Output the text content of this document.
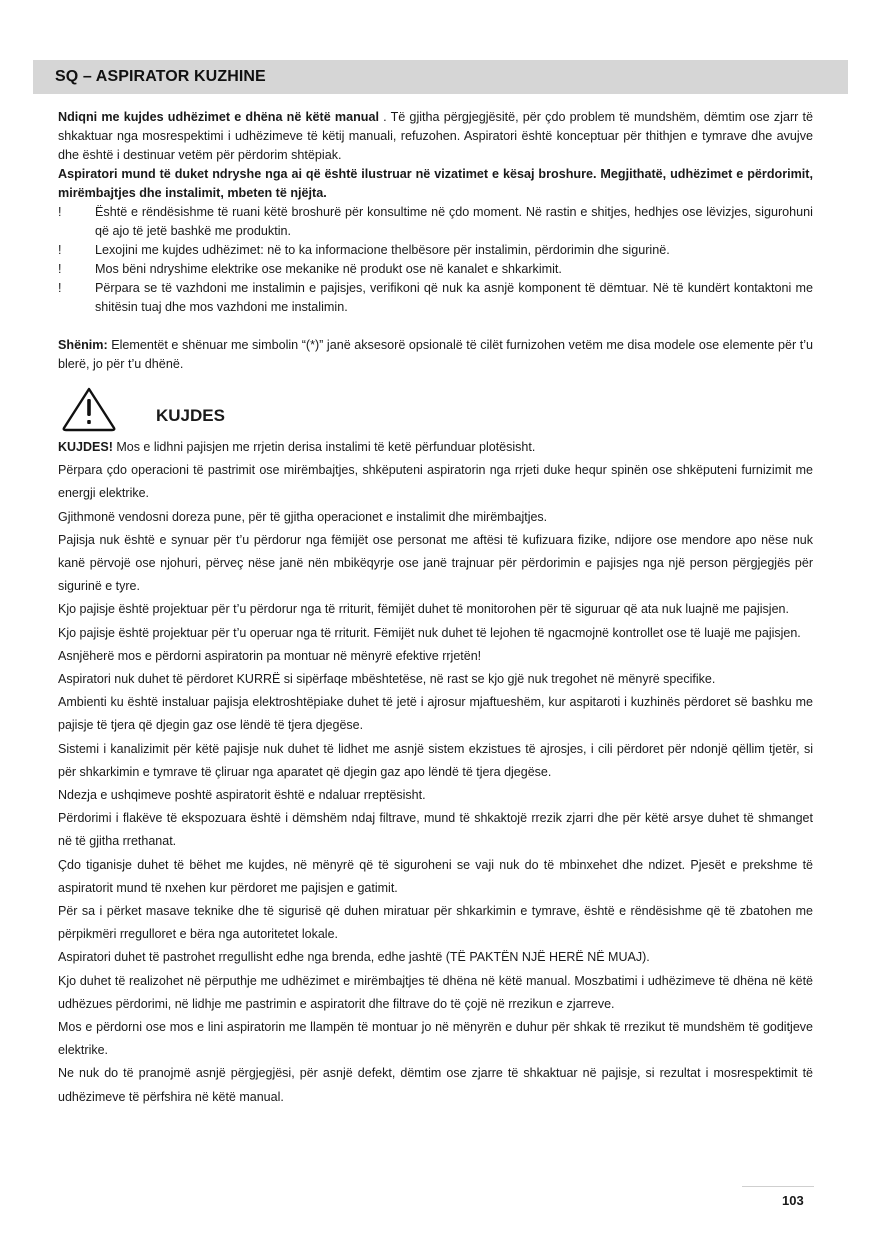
SQ – ASPIRATOR KUZHINE

Ndiqni me kujdes udhëzimet e dhëna në këtë manual . Të gjitha përgjegjësitë, për çdo problem të mundshëm, dëmtim ose zjarr të shkaktuar nga mosrespektimi i udhëzimeve të këtij manuali, refuzohen. Aspiratori është konceptuar për thithjen e tymrave dhe avujve dhe është i destinuar vetëm për përdorim shtëpiak.

Aspiratori mund të duket ndryshe nga ai që është ilustruar në vizatimet e kësaj broshure. Megjithatë, udhëzimet e përdorimit, mirëmbajtjes dhe instalimit, mbeten të njëjta.

!	Është e rëndësishme të ruani këtë broshurë për konsultime në çdo moment. Në rastin e shitjes, hedhjes ose lëvizjes, sigurohuni që ajo të jetë bashkë me produktin.
!	Lexojini me kujdes udhëzimet: në to ka informacione thelbësore për instalimin, përdorimin dhe sigurinë.
!	Mos bëni ndryshime elektrike ose mekanike në produkt ose në kanalet e shkarkimit.
!	Përpara se të vazhdoni me instalimin e pajisjes, verifikoni që nuk ka asnjë komponent të dëmtuar. Në të kundërt kontaktoni me shitësin tuaj dhe mos vazhdoni me instalimin.

Shënim: Elementët e shënuar me simbolin “(*)” janë aksesorë opsionalë të cilët furnizohen vetëm me disa modele ose elemente për t’u blerë, jo për t’u dhënë.

KUJDES

KUJDES! Mos e lidhni pajisjen me rrjetin derisa instalimi të ketë përfunduar plotësisht.

Përpara çdo operacioni të pastrimit ose mirëmbajtjes, shkëputeni aspiratorin nga rrjeti duke hequr spinën ose shkëputeni furnizimit me energji elektrike.

Gjithmonë vendosni doreza pune, për të gjitha operacionet e instalimit dhe mirëmbajtjes.

Pajisja nuk është e synuar për t’u përdorur nga fëmijët ose personat me aftësi të kufizuara fizike, ndijore ose mendore apo nëse nuk kanë përvojë ose njohuri, përveç nëse janë nën mbikëqyrje ose janë trajnuar për përdorimin e pajisjes nga një person përgjegjës për sigurinë e tyre.

Kjo pajisje është projektuar për t’u përdorur nga të rriturit, fëmijët duhet të monitorohen për të siguruar që ata nuk luajnë me pajisjen.

Kjo pajisje është projektuar për t’u operuar nga të rriturit. Fëmijët nuk duhet të lejohen të ngacmojnë kontrollet ose të luajë me pajisjen.

Asnjëherë mos e përdorni aspiratorin pa montuar në mënyrë efektive rrjetën!

Aspiratori nuk duhet të përdoret KURRË si sipërfaqe mbështetëse, në rast se kjo gjë nuk tregohet në mënyrë specifike.

Ambienti ku është instaluar pajisja elektroshtëpiake duhet të jetë i ajrosur mjaftueshëm, kur aspitaroti i kuzhinës përdoret së bashku me pajisje të tjera që djegin gaz ose lëndë të tjera djegëse.

Sistemi i kanalizimit për këtë pajisje nuk duhet të lidhet me asnjë sistem ekzistues të ajrosjes, i cili përdoret për ndonjë qëllim tjetër, si për shkarkimin e tymrave të çliruar nga aparatet që djegin gaz apo lëndë të tjera djegëse.

Ndezja e ushqimeve poshtë aspiratorit është e ndaluar rreptësisht.

Përdorimi i flakëve të ekspozuara është i dëmshëm ndaj filtrave, mund të shkaktojë rrezik zjarri dhe për këtë arsye duhet të shmanget në të gjitha rrethanat.

Çdo tiganisje duhet të bëhet me kujdes, në mënyrë që të siguroheni se vaji nuk do të mbinxehet dhe ndizet. Pjesët e prekshme të aspiratorit mund të nxehen kur përdoret me pajisjen e gatimit.

Për sa i përket masave teknike dhe të sigurisë që duhen miratuar për shkarkimin e tymrave, është e rëndësishme që të zbatohen me përpikmëri rregulloret e bëra nga autoritetet lokale.

Aspiratori duhet të pastrohet rregullisht edhe nga brenda, edhe jashtë (TË PAKTËN NJË HERË NË MUAJ).

Kjo duhet të realizohet në përputhje me udhëzimet e mirëmbajtjes të dhëna në këtë manual. Moszbatimi i udhëzimeve të dhëna në këtë udhëzues përdorimi, në lidhje me pastrimin e aspiratorit dhe filtrave do të çojë në rrezikun e zjarreve.

Mos e përdorni ose mos e lini aspiratorin me llampën të montuar jo në mënyrën e duhur për shkak të rrezikut të mundshëm të goditjeve elektrike.

Ne nuk do të pranojmë asnjë përgjegjësi, për asnjë defekt, dëmtim ose zjarre të shkaktuar në pajisje, si rezultat i mosrespektimit të udhëzimeve të përfshira në këtë manual.

103
